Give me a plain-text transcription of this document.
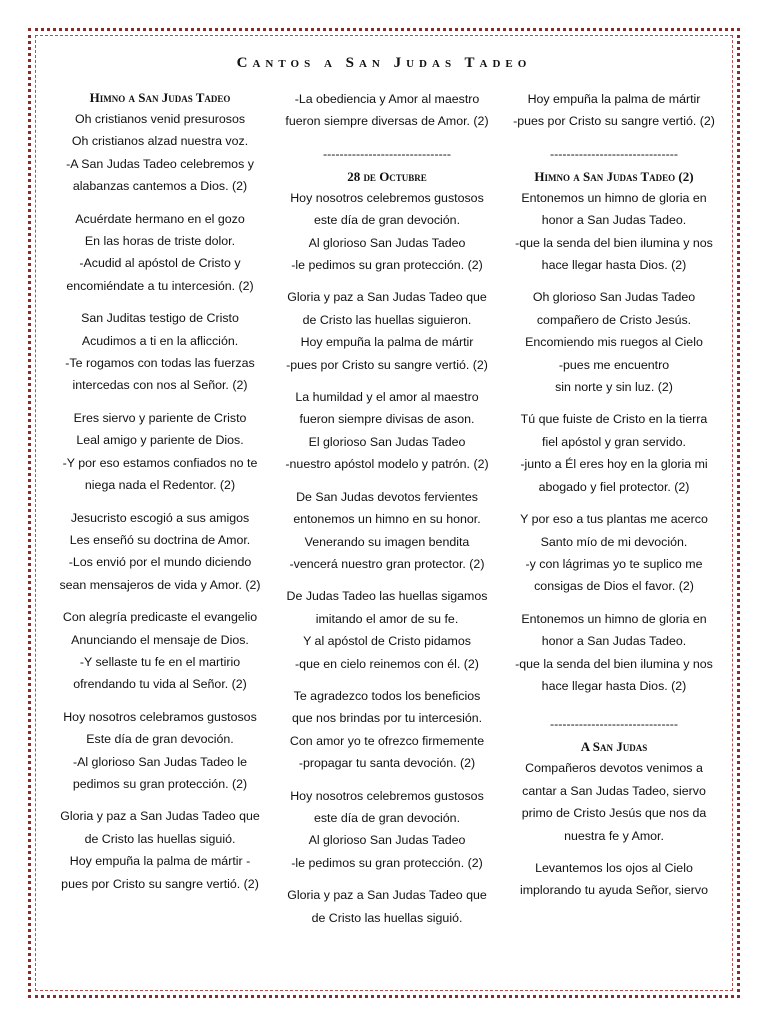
Cantos a San Judas Tadeo
Himno a San Judas Tadeo

Oh cristianos venid presurosos

Oh cristianos alzad nuestra voz.

-A San Judas Tadeo celebremos y

alabanzas cantemos a Dios. (2)

Acuérdate hermano en el gozo

En las horas de triste dolor.

-Acudid al apóstol de Cristo y

encomiéndate a tu intercesión. (2)

San Juditas testigo de Cristo

Acudimos a ti en la aflicción.

-Te rogamos con todas las fuerzas

intercedas con nos al Señor. (2)

Eres siervo y pariente de Cristo

Leal amigo y pariente de Dios.

-Y por eso estamos confiados no te

niega nada el Redentor. (2)

Jesucristo escogió a sus amigos

Les enseñó su doctrina de Amor.

-Los envió por el mundo diciendo

sean mensajeros de vida y Amor. (2)

Con alegría predicaste el evangelio

Anunciando el mensaje de Dios.

-Y sellaste tu fe en el martirio

ofrendando tu vida al Señor. (2)

Hoy nosotros celebramos gustosos

Este día de gran devoción.

-Al glorioso San Judas Tadeo le

pedimos su gran protección. (2)

Gloria y paz a San Judas Tadeo que

de Cristo las huellas siguió.

Hoy empuña la palma de mártir -

pues por Cristo su sangre vertió. (2)

-La obediencia y Amor al maestro

fueron siempre diversas de Amor. (2)

-------------------------------
28 de Octubre

Hoy nosotros celebremos gustosos

este día de gran devoción.

Al glorioso San Judas Tadeo

-le pedimos su gran protección. (2)

Gloria y paz a San Judas Tadeo que

de Cristo las huellas siguieron.

Hoy empuña la palma de mártir

-pues por Cristo su sangre vertió. (2)

La humildad y el amor al maestro

fueron siempre divisas de ason.

El glorioso San Judas Tadeo

-nuestro apóstol modelo y patrón. (2)

De San Judas devotos fervientes

entonemos un himno en su honor.

Venerando su imagen bendita

-vencerá nuestro gran protector. (2)

De Judas Tadeo las huellas sigamos

imitando el amor de su fe.

Y al apóstol de Cristo pidamos

-que en cielo reinemos con él. (2)

Te agradezco todos los beneficios

que nos brindas por tu intercesión.

Con amor yo te ofrezco firmemente

-propagar tu santa devoción. (2)

Hoy nosotros celebremos gustosos

este día de gran devoción.

Al glorioso San Judas Tadeo

-le pedimos su gran protección. (2)

Gloria y paz a San Judas Tadeo que

de Cristo las huellas siguió.

Hoy empuña la palma de mártir

-pues por Cristo su sangre vertió. (2)

-------------------------------
Himno a San Judas Tadeo (2)

Entonemos un himno de gloria en

honor a San Judas Tadeo.

-que la senda del bien ilumina y nos

hace llegar hasta Dios. (2)

Oh glorioso San Judas Tadeo

compañero de Cristo Jesús.

Encomiendo mis ruegos al Cielo

-pues me encuentro

sin norte y sin luz. (2)

Tú que fuiste de Cristo en la tierra

fiel apóstol y gran servido.

-junto a Él eres hoy en la gloria mi

abogado y fiel protector. (2)

Y por eso a tus plantas me acerco

Santo mío de mi devoción.

-y con lágrimas yo te suplico me

consigas de Dios el favor. (2)

Entonemos un himno de gloria en

honor a San Judas Tadeo.

-que la senda del bien ilumina y nos

hace llegar hasta Dios. (2)

-------------------------------
A San Judas

Compañeros devotos venimos a

cantar a San Judas Tadeo, siervo

primo de Cristo Jesús que nos da

nuestra fe y Amor.

Levantemos los ojos al Cielo

implorando tu ayuda Señor, siervo
